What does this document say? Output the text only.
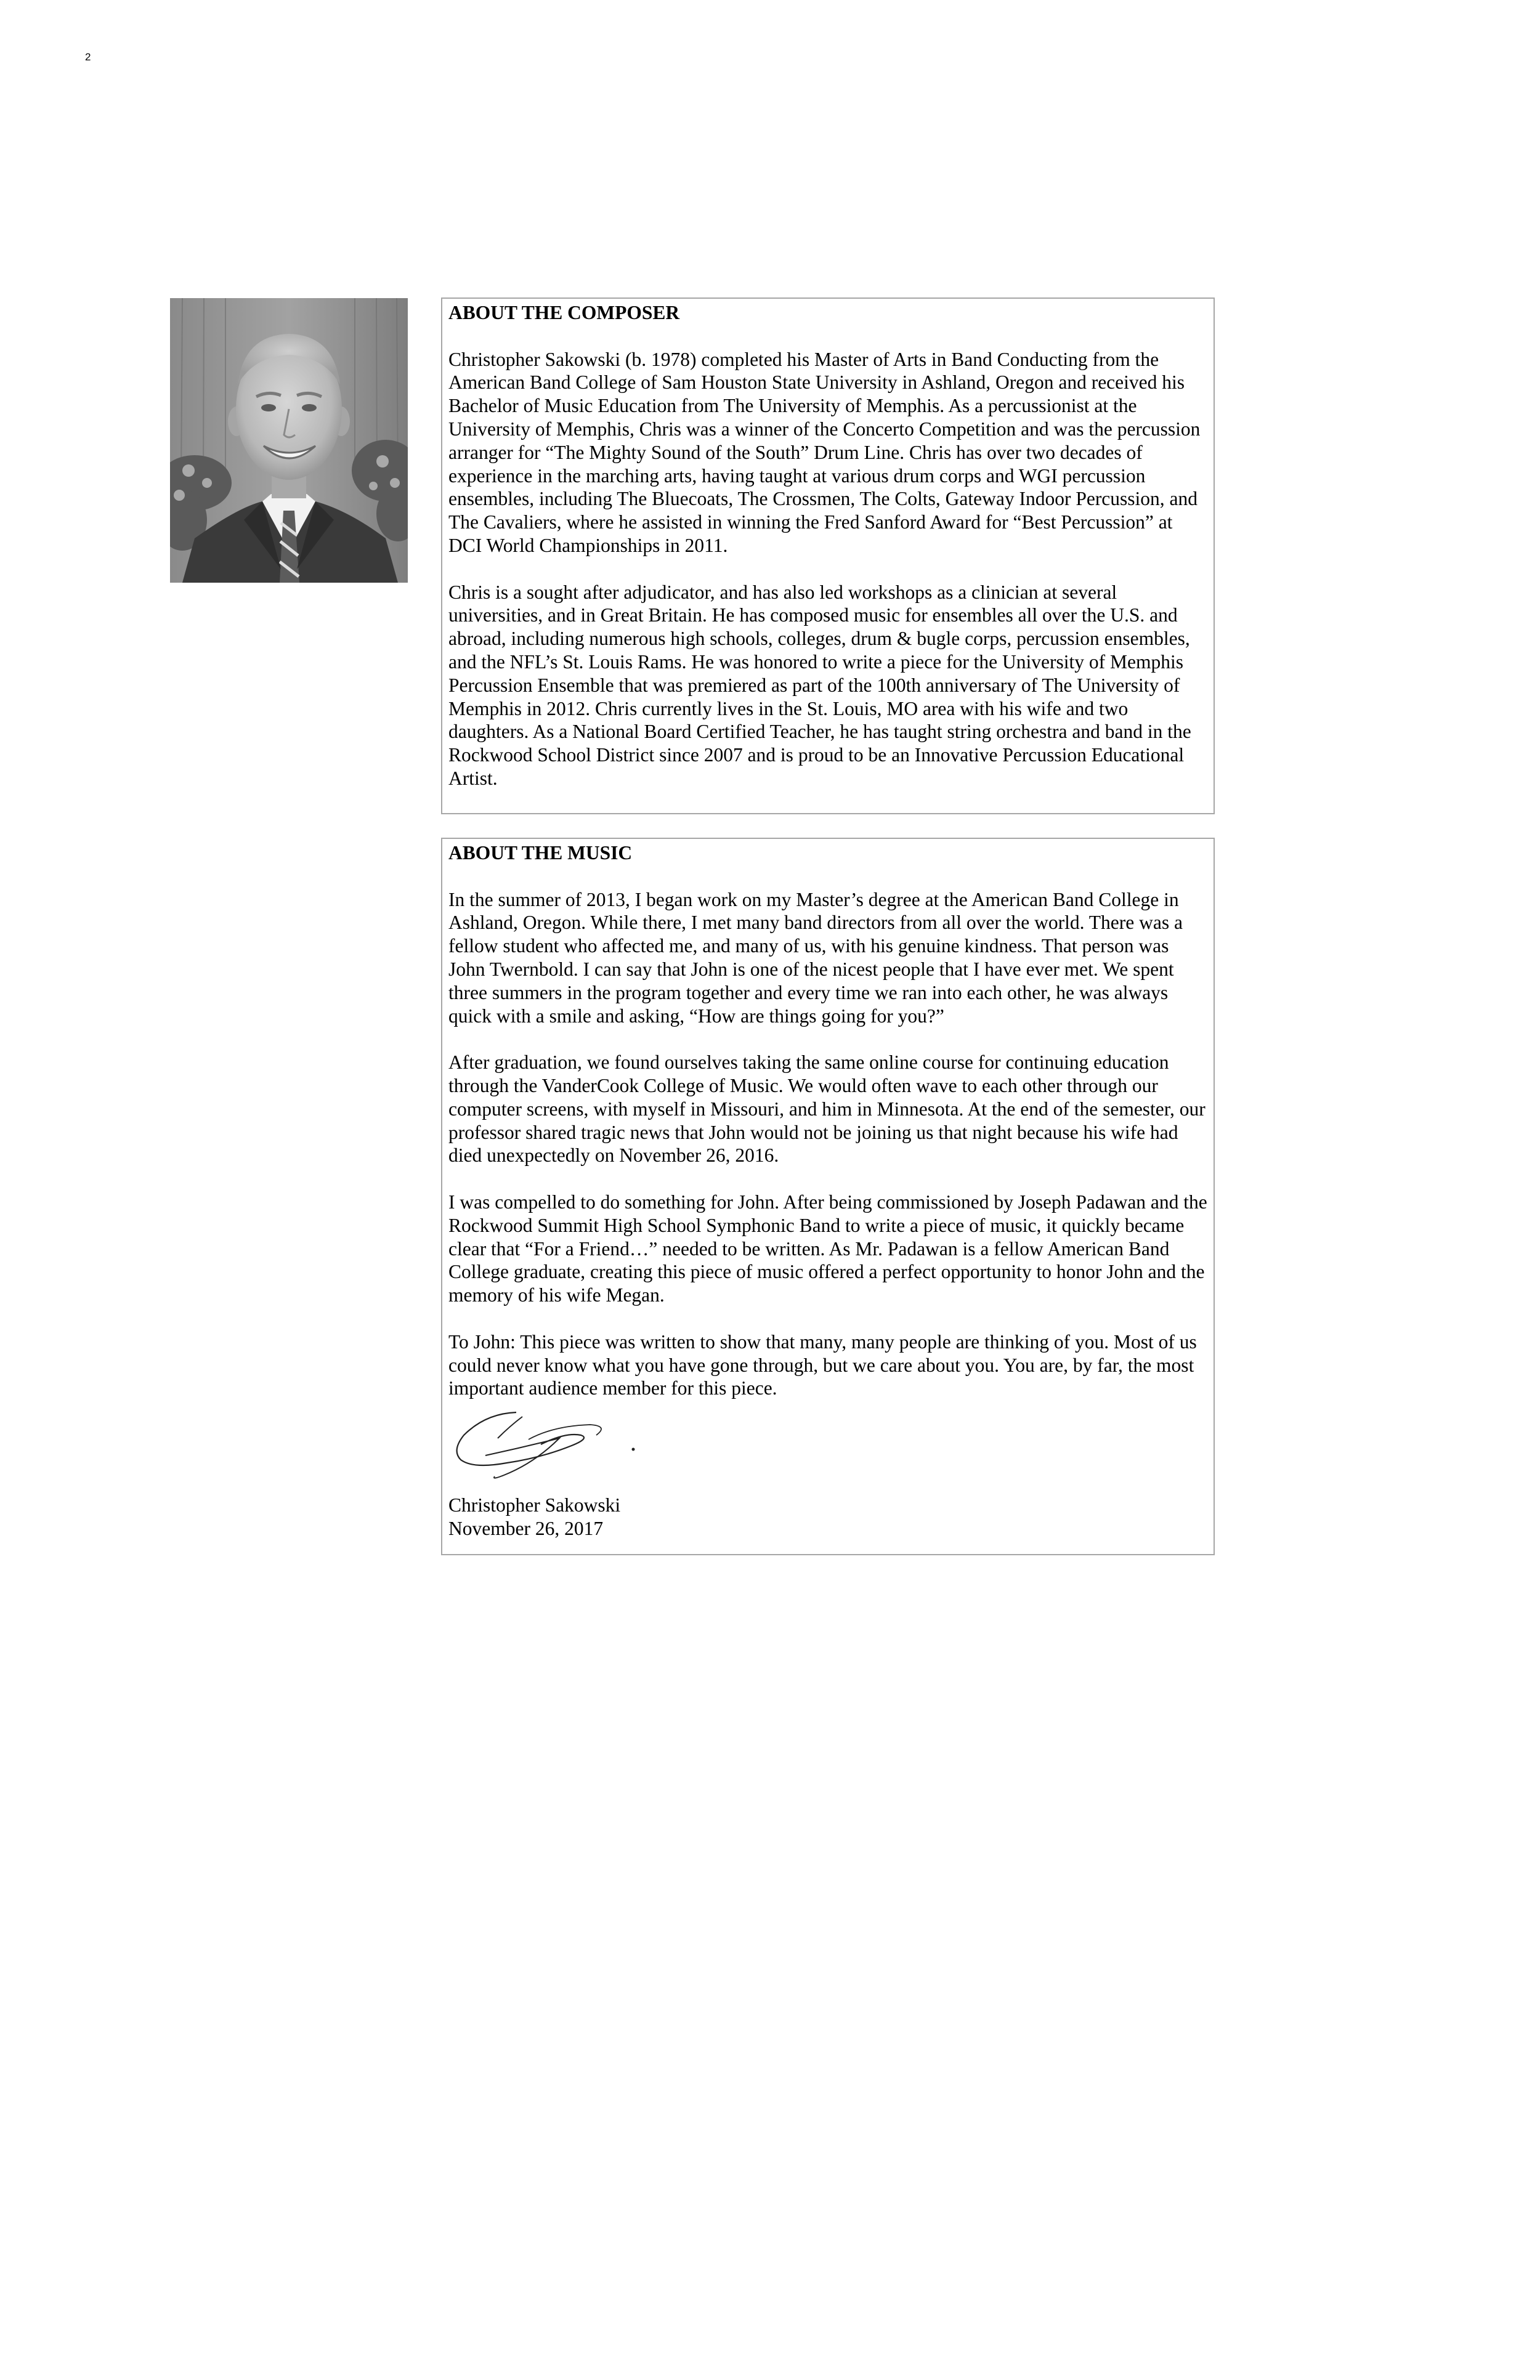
2

ABOUT THE COMPOSER

Christopher Sakowski (b. 1978) completed his Master of Arts in Band Conducting from the American Band College of Sam Houston State University in Ashland, Oregon and received his Bachelor of Music Education from The University of Memphis. As a percussionist at the University of Memphis, Chris was a winner of the Concerto Competition and was the percussion arranger for “The Mighty Sound of the South” Drum Line. Chris has over two decades of experience in the marching arts, having taught at various drum corps and WGI percussion ensembles, including The Bluecoats, The Crossmen, The Colts, Gateway Indoor Percussion, and The Cavaliers, where he assisted in winning the Fred Sanford Award for “Best Percussion” at DCI World Championships in 2011.

Chris is a sought after adjudicator, and has also led workshops as a clinician at several universities, and in Great Britain. He has composed music for ensembles all over the U.S. and abroad, including numerous high schools, colleges, drum & bugle corps, percussion ensembles, and the NFL’s St. Louis Rams. He was honored to write a piece for the University of Memphis Percussion Ensemble that was premiered as part of the 100th anniversary of The University of Memphis in 2012. Chris currently lives in the St. Louis, MO area with his wife and two daughters. As a National Board Certified Teacher, he has taught string orchestra and band in the Rockwood School District since 2007 and is proud to be an Innovative Percussion Educational Artist.

ABOUT THE MUSIC

In the summer of 2013, I began work on my Master’s degree at the American Band College in Ashland, Oregon. While there, I met many band directors from all over the world. There was a fellow student who affected me, and many of us, with his genuine kindness. That person was John Twernbold. I can say that John is one of the nicest people that I have ever met. We spent three summers in the program together and every time we ran into each other, he was always quick with a smile and asking, “How are things going for you?”

After graduation, we found ourselves taking the same online course for continuing education through the VanderCook College of Music. We would often wave to each other through our computer screens, with myself in Missouri, and him in Minnesota. At the end of the semester, our professor shared tragic news that John would not be joining us that night because his wife had died unexpectedly on November 26, 2016.

I was compelled to do something for John. After being commissioned by Joseph Padawan and the Rockwood Summit High School Symphonic Band to write a piece of music, it quickly became clear that “For a Friend…” needed to be written. As Mr. Padawan is a fellow American Band College graduate, creating this piece of music offered a perfect opportunity to honor John and the memory of his wife Megan.

To John: This piece was written to show that many, many people are thinking of you. Most of us could never know what you have gone through, but we care about you. You are, by far, the most important audience member for this piece.

Christopher Sakowski
November 26, 2017
